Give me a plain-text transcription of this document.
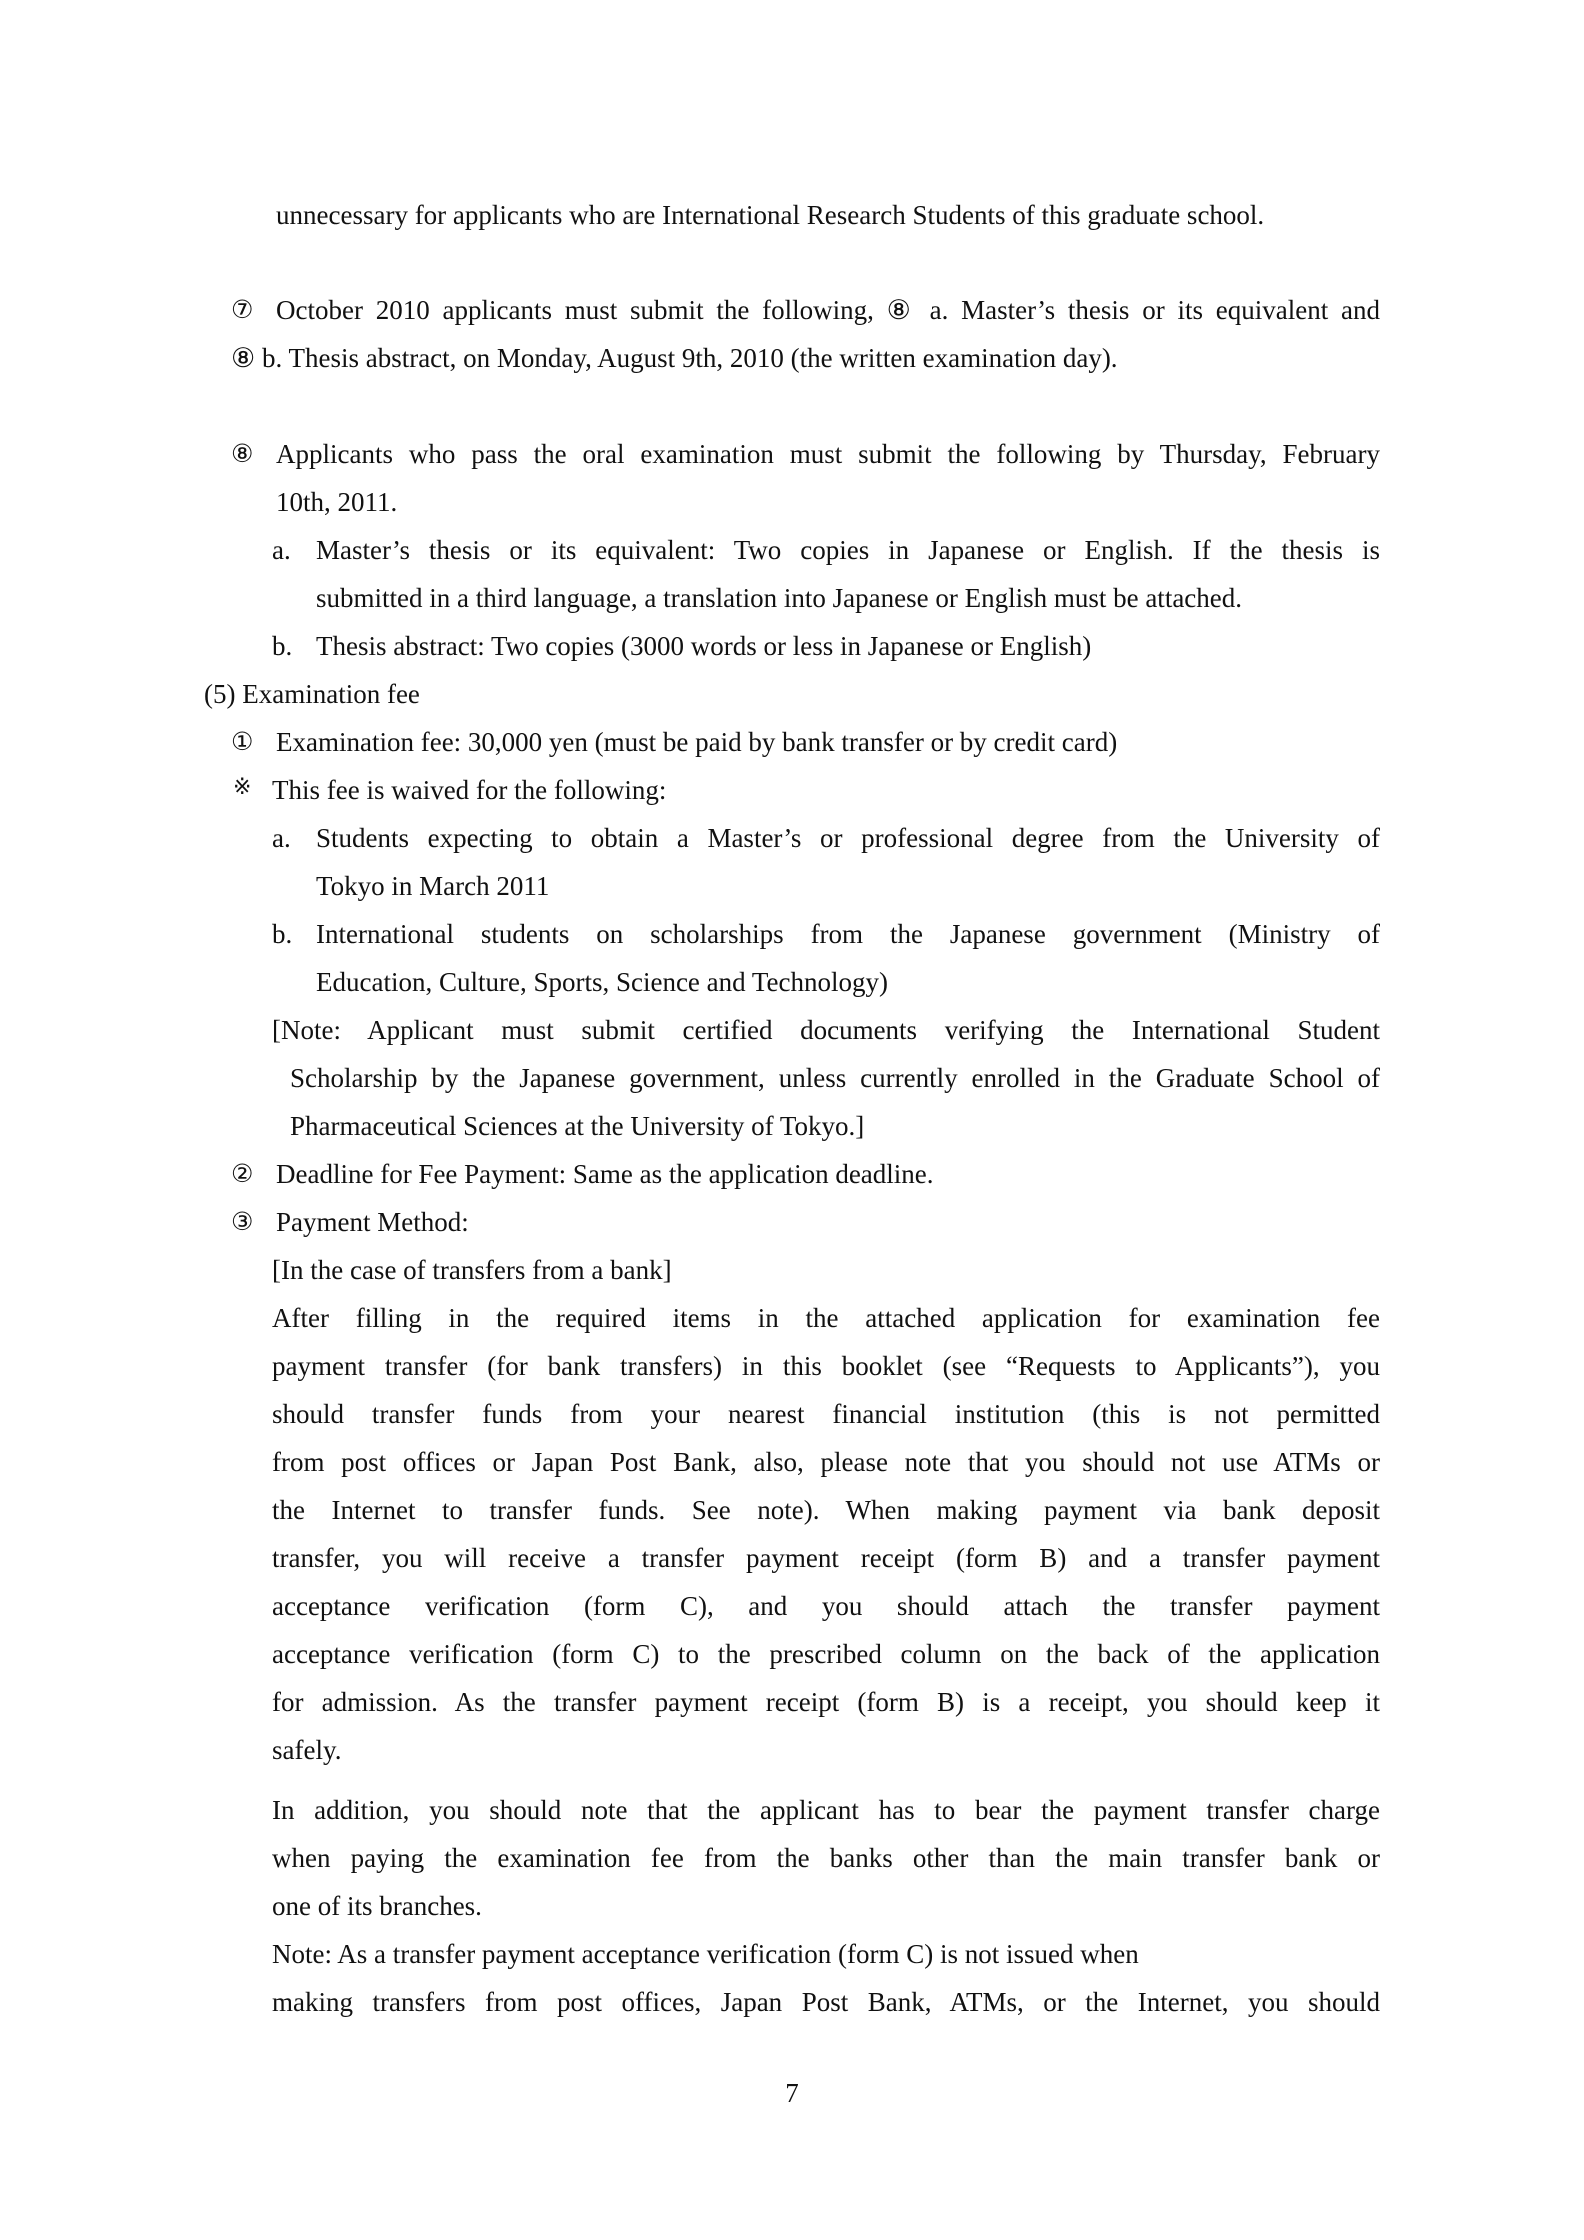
unnecessary for applicants who are International Research Students of this graduate school.
⑦ October 2010 applicants must submit the following, ⑧ a. Master’s thesis or its equivalent and
⑧ b. Thesis abstract, on Monday, August 9th, 2010 (the written examination day).
⑧ Applicants who pass the oral examination must submit the following by Thursday, February
10th, 2011.
a. Master’s thesis or its equivalent: Two copies in Japanese or English. If the thesis is
submitted in a third language, a translation into Japanese or English must be attached.
b. Thesis abstract: Two copies (3000 words or less in Japanese or English)
(5) Examination fee
① Examination fee: 30,000 yen (must be paid by bank transfer or by credit card)
※ This fee is waived for the following:
a. Students expecting to obtain a Master’s or professional degree from the University of
Tokyo in March 2011
b. International students on scholarships from the Japanese government (Ministry of
Education, Culture, Sports, Science and Technology)
[Note: Applicant must submit certified documents verifying the International Student
Scholarship by the Japanese government, unless currently enrolled in the Graduate School of
Pharmaceutical Sciences at the University of Tokyo.]
② Deadline for Fee Payment: Same as the application deadline.
③ Payment Method:
[In the case of transfers from a bank]
After filling in the required items in the attached application for examination fee
payment transfer (for bank transfers) in this booklet (see “Requests to Applicants”), you
should transfer funds from your nearest financial institution (this is not permitted
from post offices or Japan Post Bank, also, please note that you should not use ATMs or
the Internet to transfer funds. See note). When making payment via bank deposit
transfer, you will receive a transfer payment receipt (form B) and a transfer payment
acceptance verification (form C), and you should attach the transfer payment
acceptance verification (form C) to the prescribed column on the back of the application
for admission. As the transfer payment receipt (form B) is a receipt, you should keep it
safely.
In addition, you should note that the applicant has to bear the payment transfer charge
when paying the examination fee from the banks other than the main transfer bank or
one of its branches.
Note: As a transfer payment acceptance verification (form C) is not issued when
making transfers from post offices, Japan Post Bank, ATMs, or the Internet, you should
7
